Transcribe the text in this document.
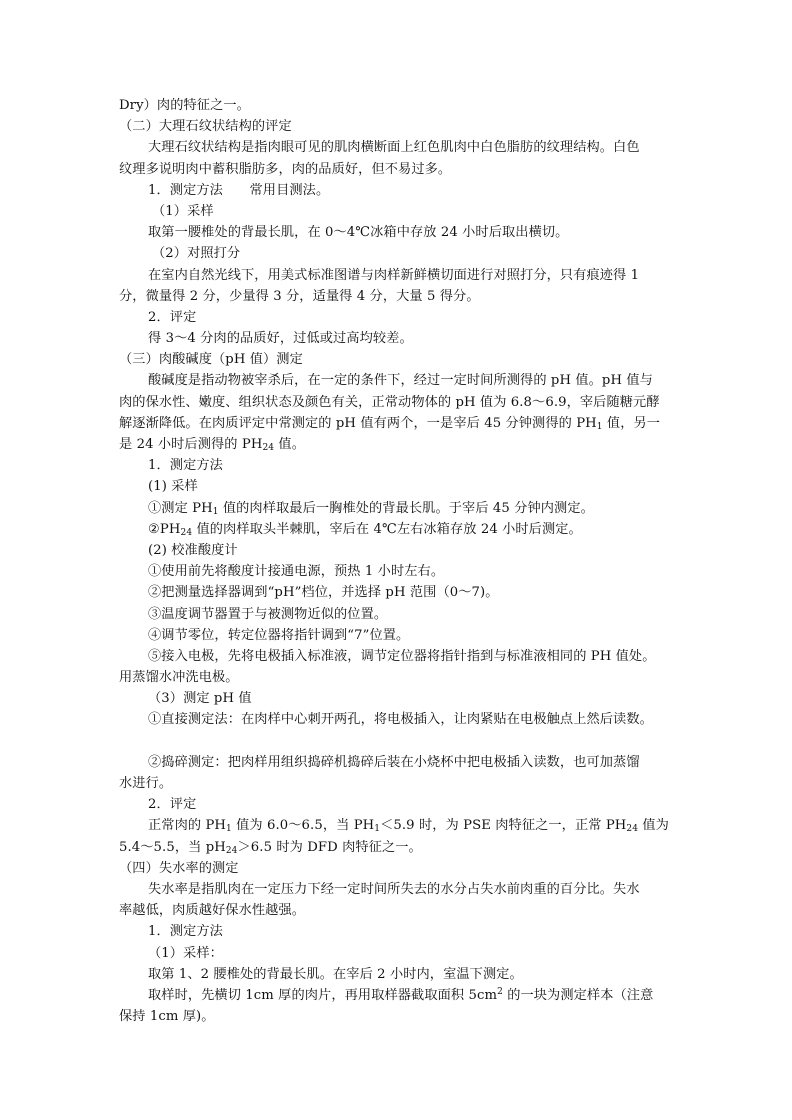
Dry）肉的特征之一。
（二）大理石纹状结构的评定
大理石纹状结构是指肉眼可见的肌肉横断面上红色肌肉中白色脂肪的纹理结构。白色
纹理多说明肉中蓄积脂肪多，肉的品质好，但不易过多。
1．测定方法　　常用目测法。
（1）采样
取第一腰椎处的背最长肌，在 0～4℃冰箱中存放 24 小时后取出横切。
（2）对照打分
在室内自然光线下，用美式标准图谱与肉样新鲜横切面进行对照打分，只有痕迹得 1
分，微量得 2 分，少量得 3 分，适量得 4 分，大量 5 得分。
2．评定
得 3～4 分肉的品质好，过低或过高均较差。
（三）肉酸碱度（pH 值）测定
酸碱度是指动物被宰杀后，在一定的条件下，经过一定时间所测得的 pH 值。pH 值与
肉的保水性、嫩度、组织状态及颜色有关，正常动物体的 pH 值为 6.8～6.9，宰后随糖元酵
解逐渐降低。在肉质评定中常测定的 pH 值有两个，一是宰后 45 分钟测得的 $PH_1$ 值，另一
是 24 小时后测得的 $PH_{24}$ 值。
1．测定方法
(1) 采样
①测定 $PH_1$ 值的肉样取最后一胸椎处的背最长肌。于宰后 45 分钟内测定。
$②PH_{24}$ 值的肉样取头半棘肌，宰后在 4℃左右冰箱存放 24 小时后测定。
(2) 校准酸度计
①使用前先将酸度计接通电源，预热 1 小时左右。
②把测量选择器调到“pH”档位，并选择 pH 范围（0～7)。
③温度调节器置于与被测物近似的位置。
④调节零位，转定位器将指针调到“7”位置。
⑤接入电极，先将电极插入标准液，调节定位器将指针指到与标准液相同的 PH 值处。
用蒸馏水冲洗电极。
（3）测定 pH 值
①直接测定法：在肉样中心刺开两孔，将电极插入，让肉紧贴在电极触点上然后读数。
②捣碎测定：把肉样用组织捣碎机捣碎后装在小烧杯中把电极插入读数，也可加蒸馏
水进行。
2．评定
正常肉的 $PH_1$ 值为 6.0～6.5，当 $PH_1<5.9$ 时，为 PSE 肉特征之一，正常 $PH_{24}$ 值为
5.4～5.5，当 $pH_{24}>6.5$ 时为 DFD 肉特征之一。
（四）失水率的测定
失水率是指肌肉在一定压力下经一定时间所失去的水分占失水前肉重的百分比。失水
率越低，肉质越好保水性越强。
1．测定方法
（1）采样：
取第 1、2 腰椎处的背最长肌。在宰后 2 小时内，室温下测定。
取样时，先横切 1cm 厚的肉片，再用取样器截取面积 $5cm^2$ 的一块为测定样本（注意
保持 1cm 厚)。
